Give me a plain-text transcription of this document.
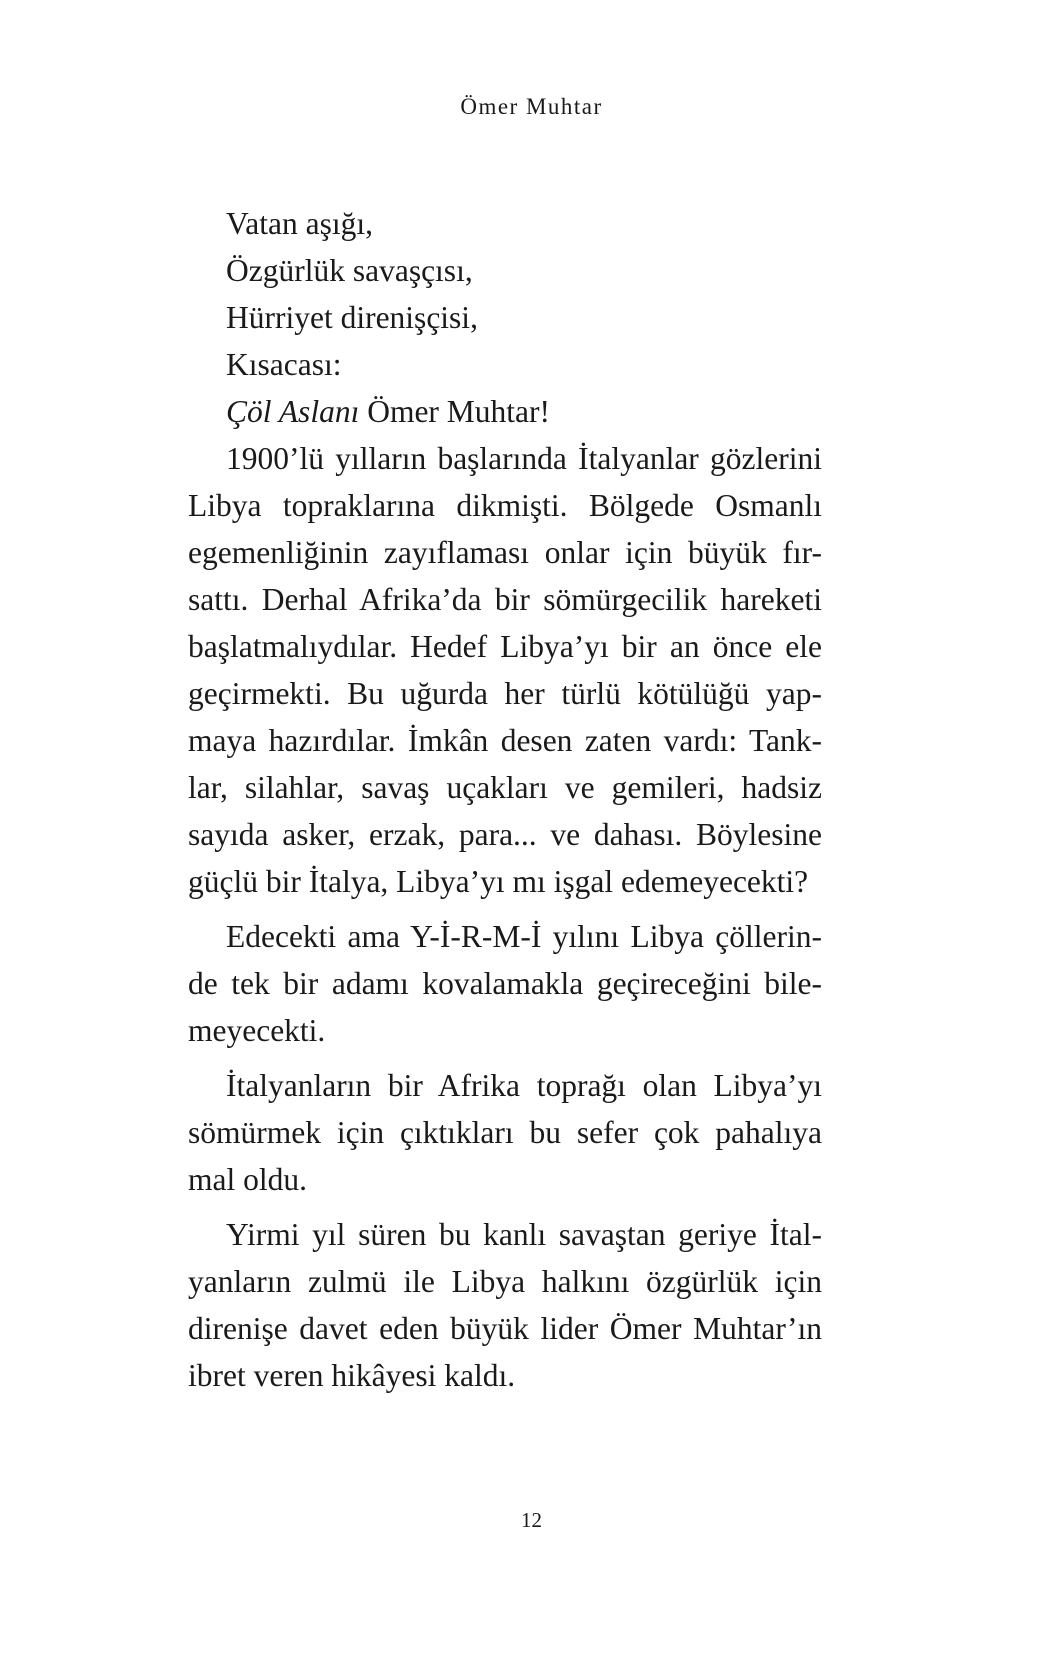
Ömer Muhtar
Vatan aşığı,
Özgürlük savaşçısı,
Hürriyet direnişçisi,
Kısacası:
Çöl Aslanı Ömer Muhtar!

1900’lü yılların başlarında İtalyanlar gözlerini
Libya topraklarına dikmişti. Bölgede Osmanlı
egemenliğinin zayıflaması onlar için büyük fır-
sattı. Derhal Afrika’da bir sömürgecilik hareketi
başlatmalıydılar. Hedef Libya’yı bir an önce ele
geçirmekti. Bu uğurda her türlü kötülüğü yap-
maya hazırdılar. İmkân desen zaten vardı: Tank-
lar, silahlar, savaş uçakları ve gemileri, hadsiz
sayıda asker, erzak, para... ve dahası. Böylesine
güçlü bir İtalya, Libya’yı mı işgal edemeyecekti?

Edecekti ama Y-İ-R-M-İ yılını Libya çöllerin-
de tek bir adamı kovalamakla geçireceğini bile-
meyecekti.

İtalyanların bir Afrika toprağı olan Libya’yı
sömürmek için çıktıkları bu sefer çok pahalıya
mal oldu.

Yirmi yıl süren bu kanlı savaştan geriye İtal-
yanların zulmü ile Libya halkını özgürlük için
direnişe davet eden büyük lider Ömer Muhtar’ın
ibret veren hikâyesi kaldı.

12
